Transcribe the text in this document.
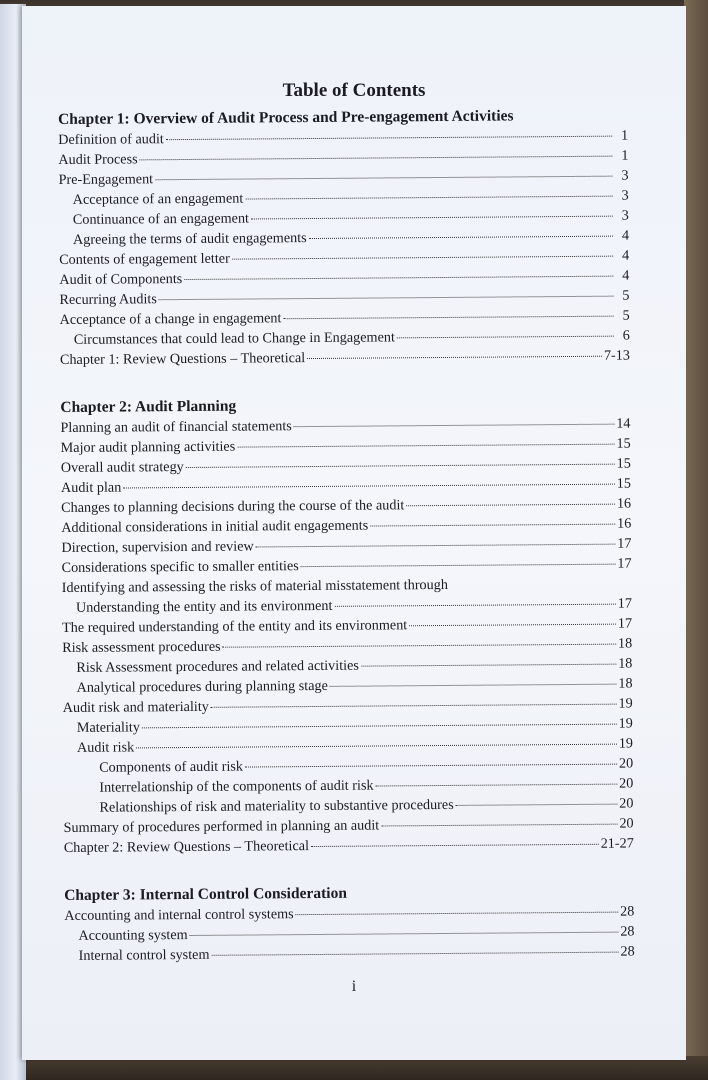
Table of Contents
Chapter 1: Overview of Audit Process and Pre-engagement Activities
Definition of audit	1
Audit Process	1
Pre-Engagement	3
Acceptance of an engagement	3
Continuance of an engagement	3
Agreeing the terms of audit engagements	4
Contents of engagement letter	4
Audit of Components	4
Recurring Audits	5
Acceptance of a change in engagement	5
Circumstances that could lead to Change in Engagement	6
Chapter 1: Review Questions – Theoretical	7-13
Chapter 2: Audit Planning
Planning an audit of financial statements	14
Major audit planning activities	15
Overall audit strategy	15
Audit plan	15
Changes to planning decisions during the course of the audit	16
Additional considerations in initial audit engagements	16
Direction, supervision and review	17
Considerations specific to smaller entities	17
Identifying and assessing the risks of material misstatement through
Understanding the entity and its environment	17
The required understanding of the entity and its environment	17
Risk assessment procedures	18
Risk Assessment procedures and related activities	18
Analytical procedures during planning stage	18
Audit risk and materiality	19
Materiality	19
Audit risk	19
Components of audit risk	20
Interrelationship of the components of audit risk	20
Relationships of risk and materiality to substantive procedures	20
Summary of procedures performed in planning an audit	20
Chapter 2: Review Questions – Theoretical	21-27
Chapter 3: Internal Control Consideration
Accounting and internal control systems	28
Accounting system	28
Internal control system	28
i
